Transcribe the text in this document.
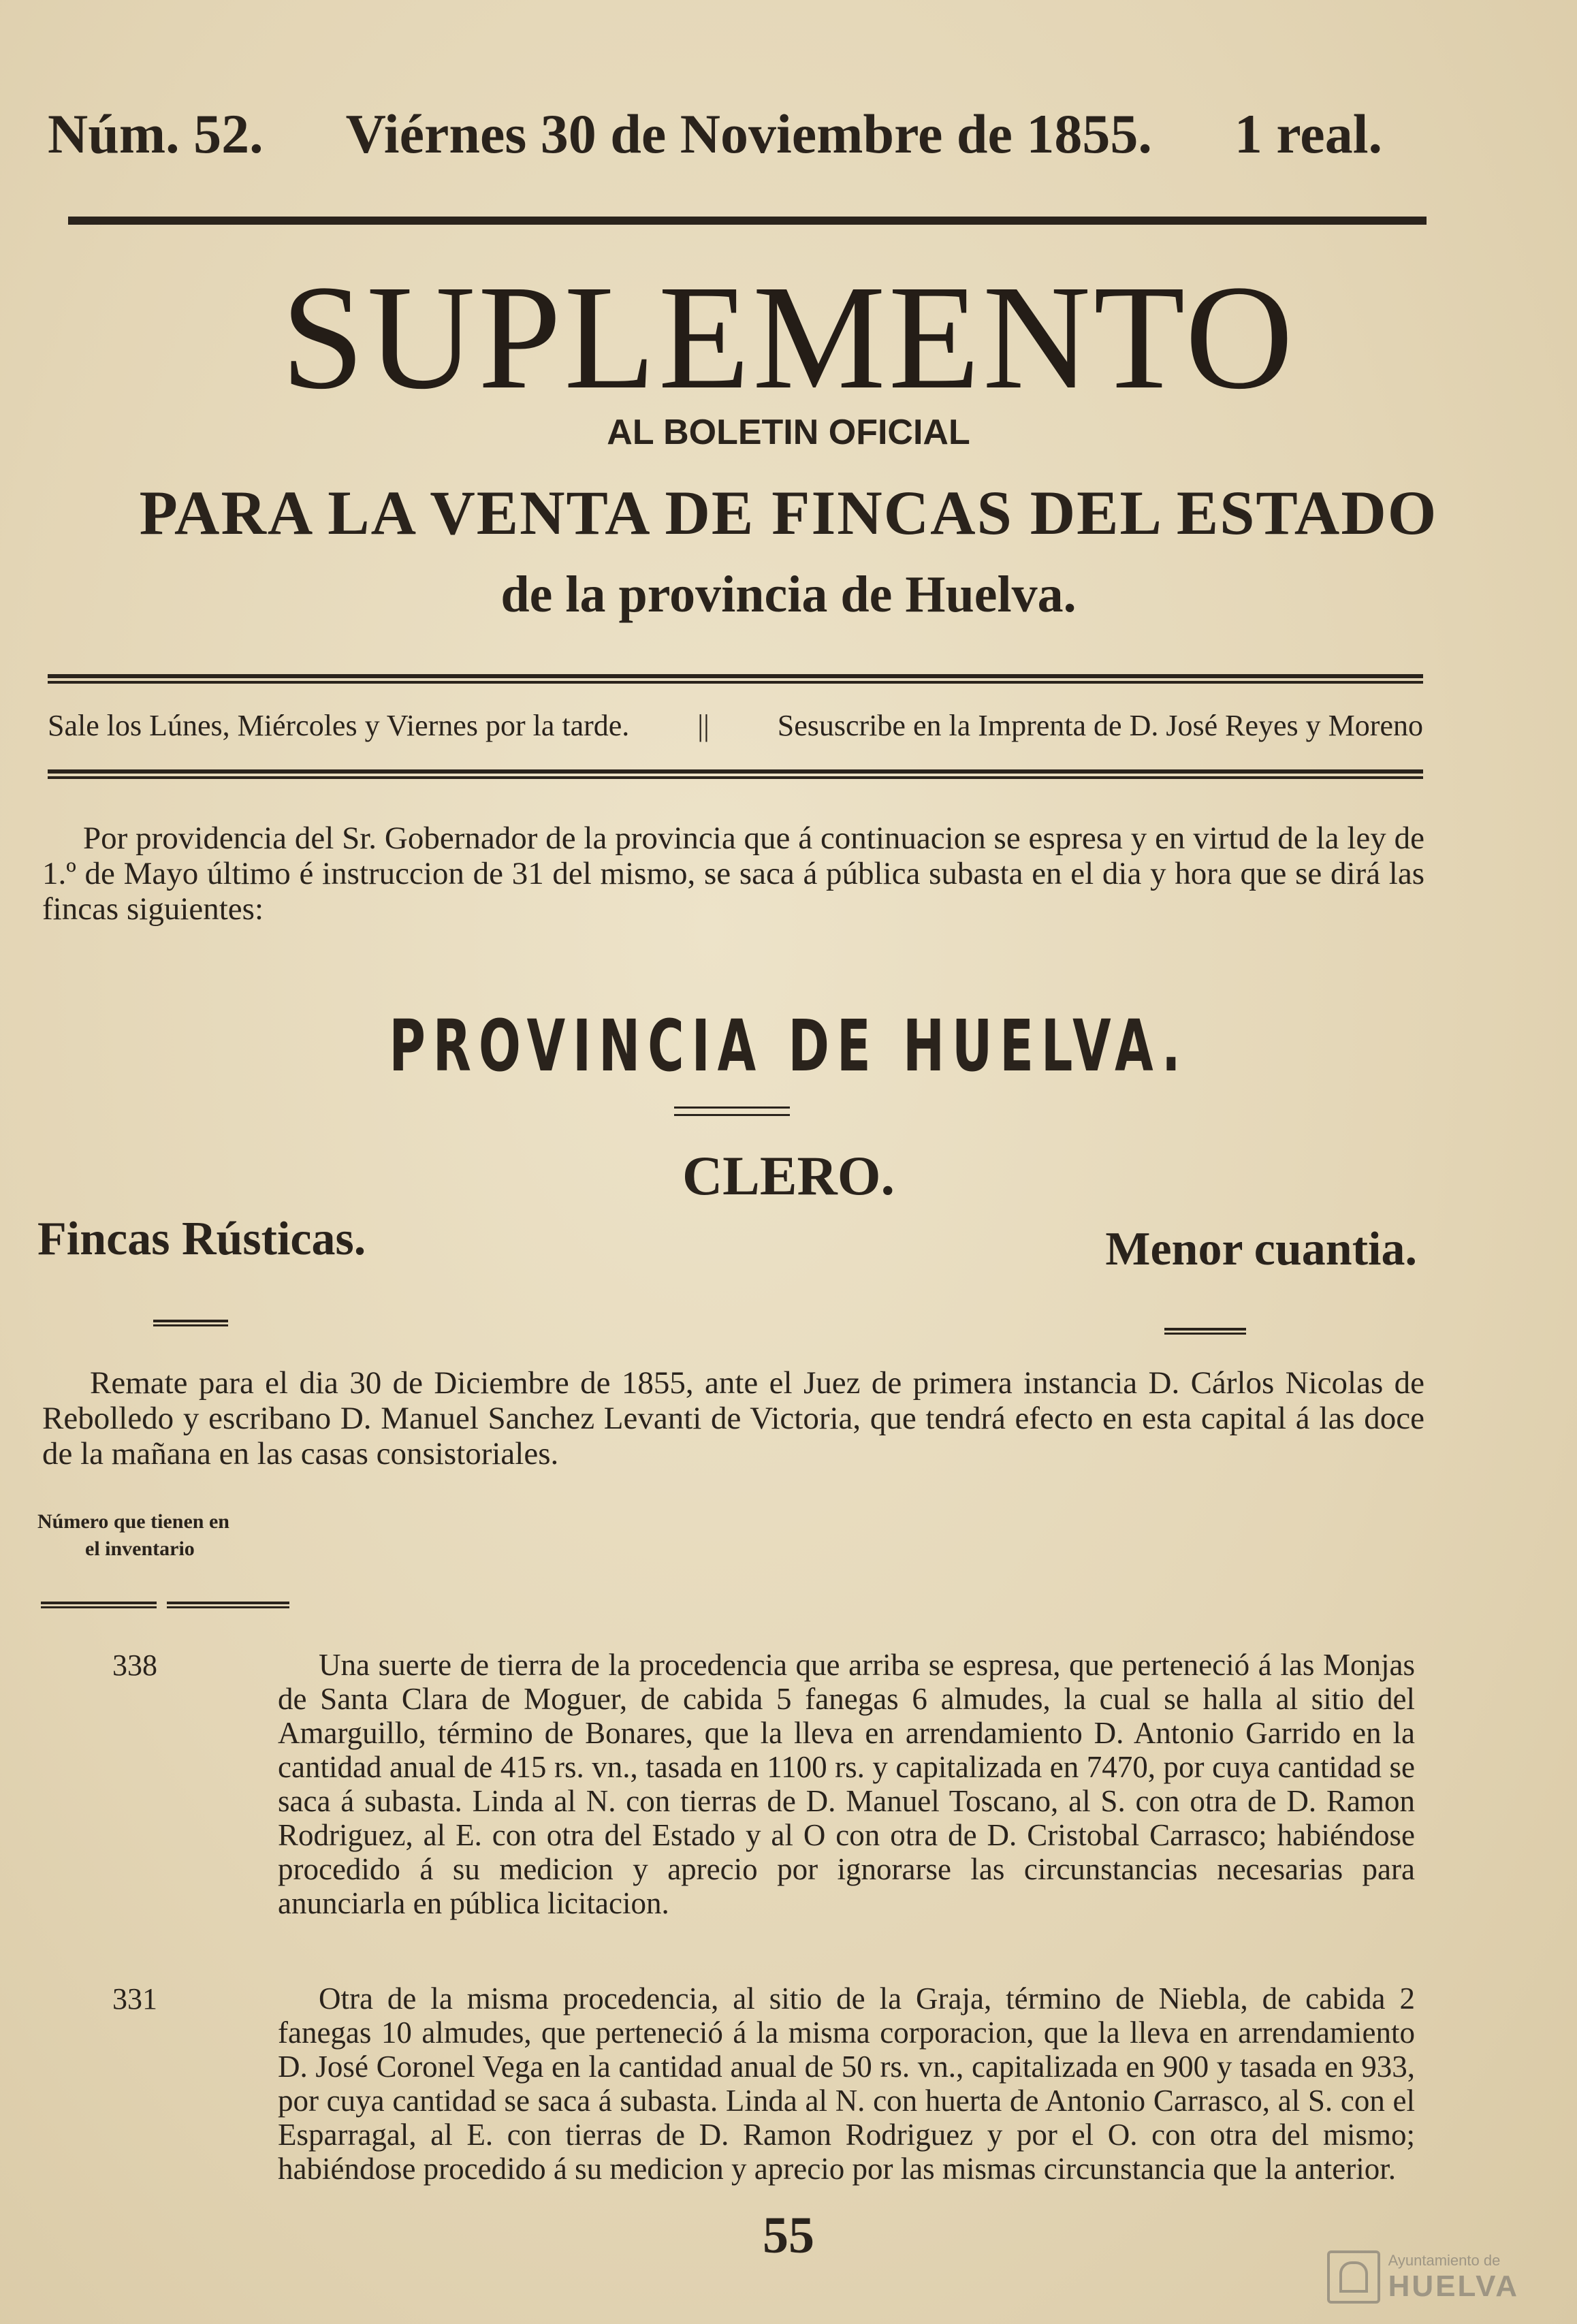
Núm. 52. Viérnes 30 de Noviembre de 1855. 1 real.
SUPLEMENTO
AL BOLETIN OFICIAL
PARA LA VENTA DE FINCAS DEL ESTADO
de la provincia de Huelva.
Sale los Lúnes, Miércoles y Viernes por la tarde. || Sesuscribe en la Imprenta de D. José Reyes y Moreno
Por providencia del Sr. Gobernador de la provincia que á continuacion se espresa y en virtud de la ley de 1.º de Mayo último é instruccion de 31 del mismo, se saca á pública subasta en el dia y hora que se dirá las fincas siguientes:
PROVINCIA DE HUELVA.
CLERO.
Fincas Rústicas.	Menor cuantia.
Remate para el dia 30 de Diciembre de 1855, ante el Juez de primera instancia D. Cárlos Nicolas de Rebolledo y escribano D. Manuel Sanchez Levanti de Victoria, que tendrá efecto en esta capital á las doce de la mañana en las casas consistoriales.
Número que tienen en
el inventario
338	Una suerte de tierra de la procedencia que arriba se espresa, que perteneció á las Monjas de Santa Clara de Moguer, de cabida 5 fanegas 6 almudes, la cual se halla al sitio del Amarguillo, término de Bonares, que la lleva en arrendamiento D. Antonio Garrido en la cantidad anual de 415 rs. vn., tasada en 1100 rs. y capitalizada en 7470, por cuya cantidad se saca á subasta. Linda al N. con tierras de D. Manuel Toscano, al S. con otra de D. Ramon Rodriguez, al E. con otra del Estado y al O con otra de D. Cristobal Carrasco; habiéndose procedido á su medicion y aprecio por ignorarse las circunstancias necesarias para anunciarla en pública licitacion.
331	Otra de la misma procedencia, al sitio de la Graja, término de Niebla, de cabida 2 fanegas 10 almudes, que perteneció á la misma corporacion, que la lleva en arrendamiento D. José Coronel Vega en la cantidad anual de 50 rs. vn., capitalizada en 900 y tasada en 933, por cuya cantidad se saca á subasta. Linda al N. con huerta de Antonio Carrasco, al S. con el Esparragal, al E. con tierras de D. Ramon Rodriguez y por el O. con otra del mismo; habiéndose procedido á su medicion y aprecio por las mismas circunstancia que la anterior.
55	Ayuntamiento de
HUELVA
